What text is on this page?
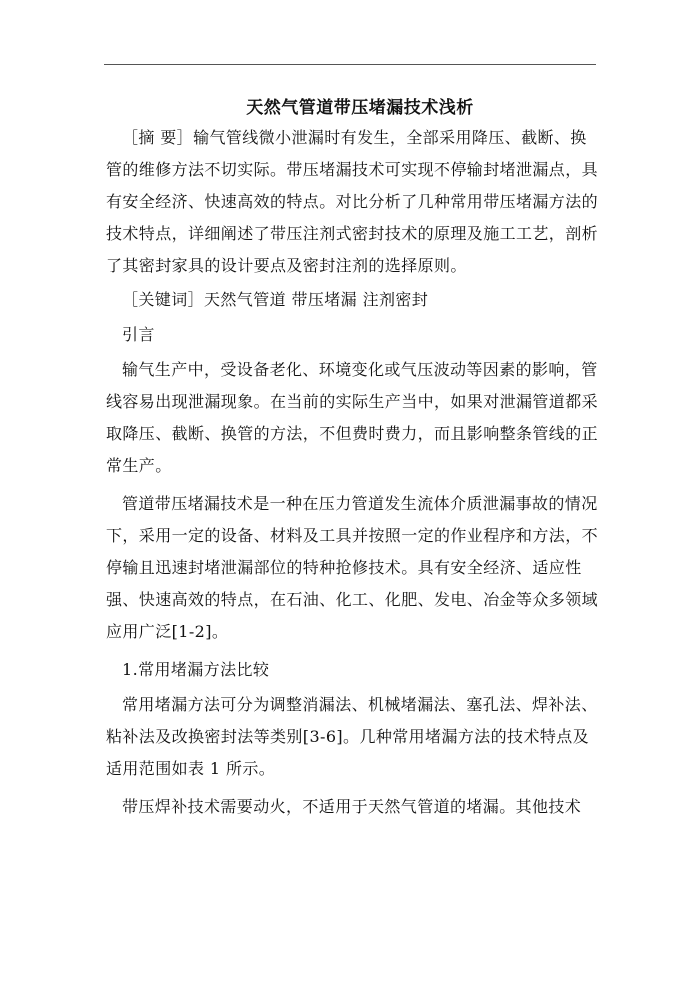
天然气管道带压堵漏技术浅析

［摘 要］输气管线微小泄漏时有发生，全部采用降压、截断、换管的维修方法不切实际。带压堵漏技术可实现不停输封堵泄漏点，具有安全经济、快速高效的特点。对比分析了几种常用带压堵漏方法的技术特点，详细阐述了带压注剂式密封技术的原理及施工工艺，剖析了其密封家具的设计要点及密封注剂的选择原则。

［关键词］天然气管道 带压堵漏 注剂密封

引言

输气生产中，受设备老化、环境变化或气压波动等因素的影响，管线容易出现泄漏现象。在当前的实际生产当中，如果对泄漏管道都采取降压、截断、换管的方法，不但费时费力，而且影响整条管线的正常生产。

管道带压堵漏技术是一种在压力管道发生流体介质泄漏事故的情况下，采用一定的设备、材料及工具并按照一定的作业程序和方法，不停输且迅速封堵泄漏部位的特种抢修技术。具有安全经济、适应性强、快速高效的特点，在石油、化工、化肥、发电、冶金等众多领域应用广泛[1-2]。

1.常用堵漏方法比较

常用堵漏方法可分为调整消漏法、机械堵漏法、塞孔法、焊补法、粘补法及改换密封法等类别[3-6]。几种常用堵漏方法的技术特点及适用范围如表 1 所示。

带压焊补技术需要动火，不适用于天然气管道的堵漏。其他技术
